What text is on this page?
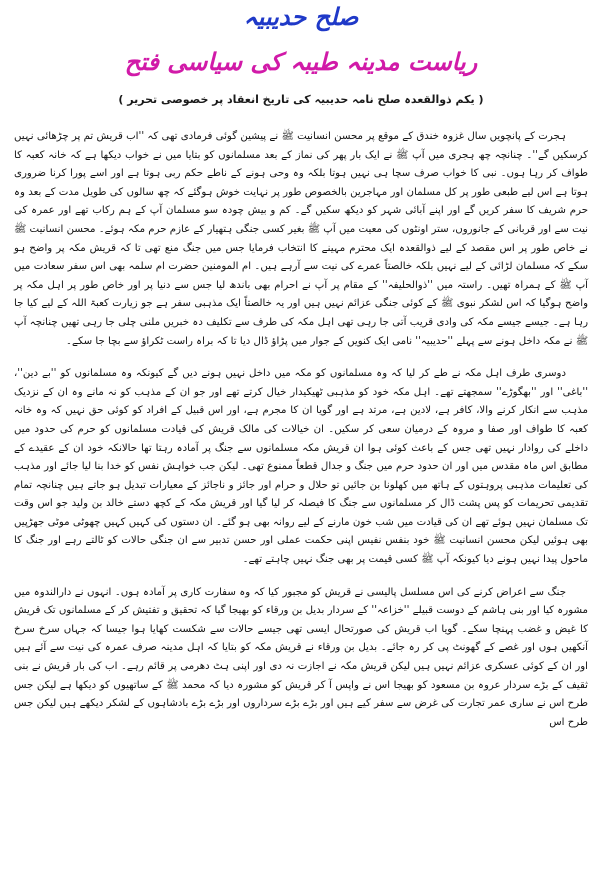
صلح حدیبیہ
ریاست مدینہ طیبہ کی سیاسی فتح
( یکم ذوالقعدہ صلح نامہ حدیبیہ کی تاریخ انعقاد پر خصوصی تحریر )

ہجرت کے پانچویں سال غزوہ خندق کے موقع پر محسن انسانیت ﷺ نے پیشین گوئی فرمادی تھی کہ ''اب قریش تم پر چڑھائی نہیں کرسکیں گے''۔ چنانچہ چھ ہجری میں آپ ﷺ نے ایک بار پھر کی نماز کے بعد مسلمانوں کو بتایا میں نے خواب دیکھا ہے کہ خانہ کعبہ کا طواف کر رہا ہوں۔ نبی کا خواب صرف سچا ہی نہیں ہوتا بلکہ وہ وحی ہونے کے ناطے حکم ربی ہوتا ہے اور اسے پورا کرنا ضروری ہوتا ہے اس لیے طبعی طور پر کل مسلمان اور مہاجرین بالخصوص طور پر نہایت خوش ہوگئے کہ چھ سالوں کی طویل مدت کے بعد وہ حرم شریف کا سفر کریں گے اور اپنے آبائی شہر کو دیکھ سکیں گے۔ کم و بیش چودہ سو مسلمان آپ کے ہم رکاب تھے اور عمرہ کی نیت سے اور قربانی کے جانوروں، ستر اونٹوں کی معیت میں آپ ﷺ بغیر کسی جنگی ہتھیار کے عازم حرم مکہ ہوئے۔ محسن انسانیت ﷺ نے خاص طور پر اس مقصد کے لیے ذوالقعدہ ایک محترم مہینے کا انتخاب فرمایا جس میں جنگ منع تھی تا کہ قریش مکہ پر واضح ہو سکے کہ مسلمان لڑائی کے لیے نہیں بلکہ خالصتاً عمرے کی نیت سے آرہے ہیں۔ ام المومنین حضرت ام سلمہ بھی اس سفر سعادت میں آپ ﷺ کے ہمراہ تھیں۔ راستہ میں ''ذوالحلیفہ'' کے مقام پر آپ نے احرام بھی باندھ لیا جس سے دنیا پر اور خاص طور پر اہل مکہ پر واضح ہوگیا کہ اس لشکر نبوی ﷺ کے کوئی جنگی عزائم نہیں ہیں اور یہ خالصتاً ایک مذہبی سفر ہے جو زیارت کعبۃ اللہ کے لیے کیا جا رہا ہے۔ جیسے جیسے مکہ کی وادی قریب آتی جا رہی تھی اہل مکہ کی طرف سے تکلیف دہ خبریں ملنی چلی جا رہی تھیں چنانچہ آپ ﷺ نے مکہ داخل ہونے سے پہلے ''حدیبیہ'' نامی ایک کنویں کے جوار میں پڑاؤ ڈال دیا تا کہ براہ راست ٹکراؤ سے بچا جا سکے۔

دوسری طرف اہل مکہ نے طے کر لیا کہ وہ مسلمانوں کو مکہ میں داخل نہیں ہونے دیں گے کیونکہ وہ مسلمانوں کو ''بے دین''، ''باغی'' اور ''بھگوڑے'' سمجھتے تھے۔ اہل مکہ خود کو مذہبی ٹھیکیدار خیال کرتے تھے اور جو ان کے مذہب کو نہ مانے وہ ان کے نزدیک مذہب سے انکار کرنے والا، کافر ہے، لادین ہے، مرتد ہے اور گویا ان کا مجرم ہے، اور اس قبیل کے افراد کو کوئی حق نہیں کہ وہ خانہ کعبہ کا طواف اور صفا و مروہ کے درمیان سعی کر سکیں۔ ان خیالات کی مالک قریش کی قیادت مسلمانوں کو حرم کی حدود میں داخلے کی روادار نہیں تھی جس کے باعث کوئی ہوا ان قریش مکہ مسلمانوں سے جنگ پر آمادہ رہتا تھا حالانکہ خود ان کے عقیدے کے مطابق اس ماہ مقدس میں اور ان حدود حرم میں جنگ و جدال قطعاً ممنوع تھی۔ لیکن جب خواہش نفس کو خدا بنا لیا جائے اور مذہب کی تعلیمات مذہبی پروہتوں کے ہاتھ میں کھلونا بن جائیں تو حلال و حرام اور جائز و ناجائز کے معیارات تبدیل ہو جاتے ہیں چنانچہ تمام تقدیمی تحریمات کو پس پشت ڈال کر مسلمانوں سے جنگ کا فیصلہ کر لیا گیا اور قریش مکہ کے کچھ دستے خالد بن ولید جو اس وقت تک مسلمان نہیں ہوئے تھے ان کی قیادت میں شب خون مارنے کے لیے روانہ بھی ہو گئے۔ ان دستوں کی کہیں کہیں چھوٹی موٹی جھڑپیں بھی ہوئیں لیکن محسن انسانیت ﷺ خود بنفس نفیس اپنی حکمت عملی اور حسن تدبیر سے ان جنگی حالات کو ٹالتے رہے اور جنگ کا ماحول پیدا نہیں ہونے دیا کیونکہ آپ ﷺ کسی قیمت پر بھی جنگ نہیں چاہتے تھے۔

جنگ سے اعراض کرنے کی اس مسلسل پالیسی نے قریش کو مجبور کیا کہ وہ سفارت کاری پر آمادہ ہوں۔ انہوں نے دارالندوہ میں مشورہ کیا اور بنی ہاشم کے دوست قبیلے ''خزاعہ'' کے سردار بدیل بن ورقاء کو بھیجا گیا کہ تحقیق و تفتیش کر کے مسلمانوں تک قریش کا غیض و غضب پہنچا سکے۔ گویا اب قریش کی صورتحال ایسی تھی جیسے حالات سے شکست کھایا ہوا جیسا کہ جہاں سرخ سرخ آنکھیں ہوں اور غصے کے گھونٹ پی کر رہ جائے۔ بدیل بن ورقاء نے قریش مکہ کو بتایا کہ اہل مدینہ صرف عمرہ کی نیت سے آئے ہیں اور ان کے کوئی عسکری عزائم نہیں ہیں لیکن قریش مکہ نے اجازت نہ دی اور اپنی ہٹ دھرمی پر قائم رہے۔ اب کی بار قریش نے بنی ثقیف کے بڑے سردار عروہ بن مسعود کو بھیجا اس نے واپس آ کر قریش کو مشورہ دیا کہ محمد ﷺ کے ساتھیوں کو دیکھا ہے لیکن جس طرح اس نے ساری عمر تجارت کی غرض سے سفر کیے ہیں اور بڑے بڑے سرداروں اور بڑے بڑے بادشاہوں کے لشکر دیکھے ہیں لیکن جس طرح اس
